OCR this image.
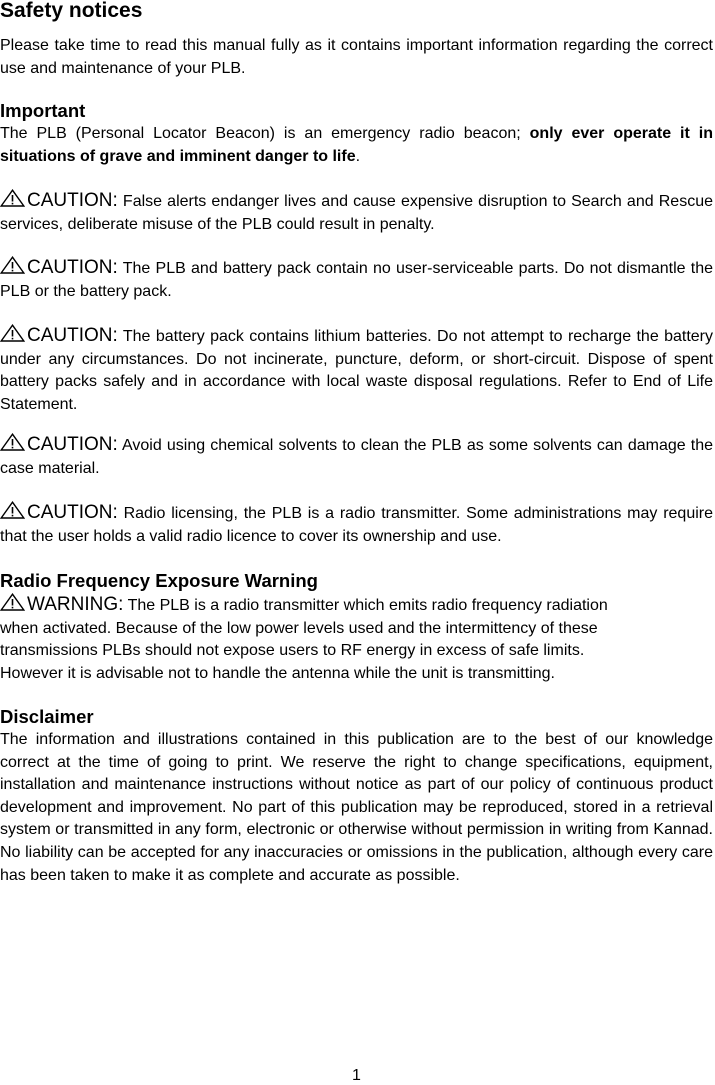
Safety notices

Please take time to read this manual fully as it contains important information regarding the correct use and maintenance of your PLB.

Important
The PLB (Personal Locator Beacon) is an emergency radio beacon; only ever operate it in situations of grave and imminent danger to life.

CAUTION: False alerts endanger lives and cause expensive disruption to Search and Rescue services, deliberate misuse of the PLB could result in penalty.

CAUTION: The PLB and battery pack contain no user-serviceable parts. Do not dismantle the PLB or the battery pack.

CAUTION: The battery pack contains lithium batteries. Do not attempt to recharge the battery under any circumstances. Do not incinerate, puncture, deform, or short-circuit. Dispose of spent battery packs safely and in accordance with local waste disposal regulations. Refer to End of Life Statement.

CAUTION: Avoid using chemical solvents to clean the PLB as some solvents can damage the case material.

CAUTION: Radio licensing, the PLB is a radio transmitter. Some administrations may require that the user holds a valid radio licence to cover its ownership and use.

Radio Frequency Exposure Warning
WARNING: The PLB is a radio transmitter which emits radio frequency radiation
when activated. Because of the low power levels used and the intermittency of these
transmissions PLBs should not expose users to RF energy in excess of safe limits.
However it is advisable not to handle the antenna while the unit is transmitting.
Disclaimer
The information and illustrations contained in this publication are to the best of our knowledge correct at the time of going to print. We reserve the right to change specifications, equipment, installation and maintenance instructions without notice as part of our policy of continuous product development and improvement. No part of this publication may be reproduced, stored in a retrieval system or transmitted in any form, electronic or otherwise without permission in writing from Kannad. No liability can be accepted for any inaccuracies or omissions in the publication, although every care has been taken to make it as complete and accurate as possible.
1
